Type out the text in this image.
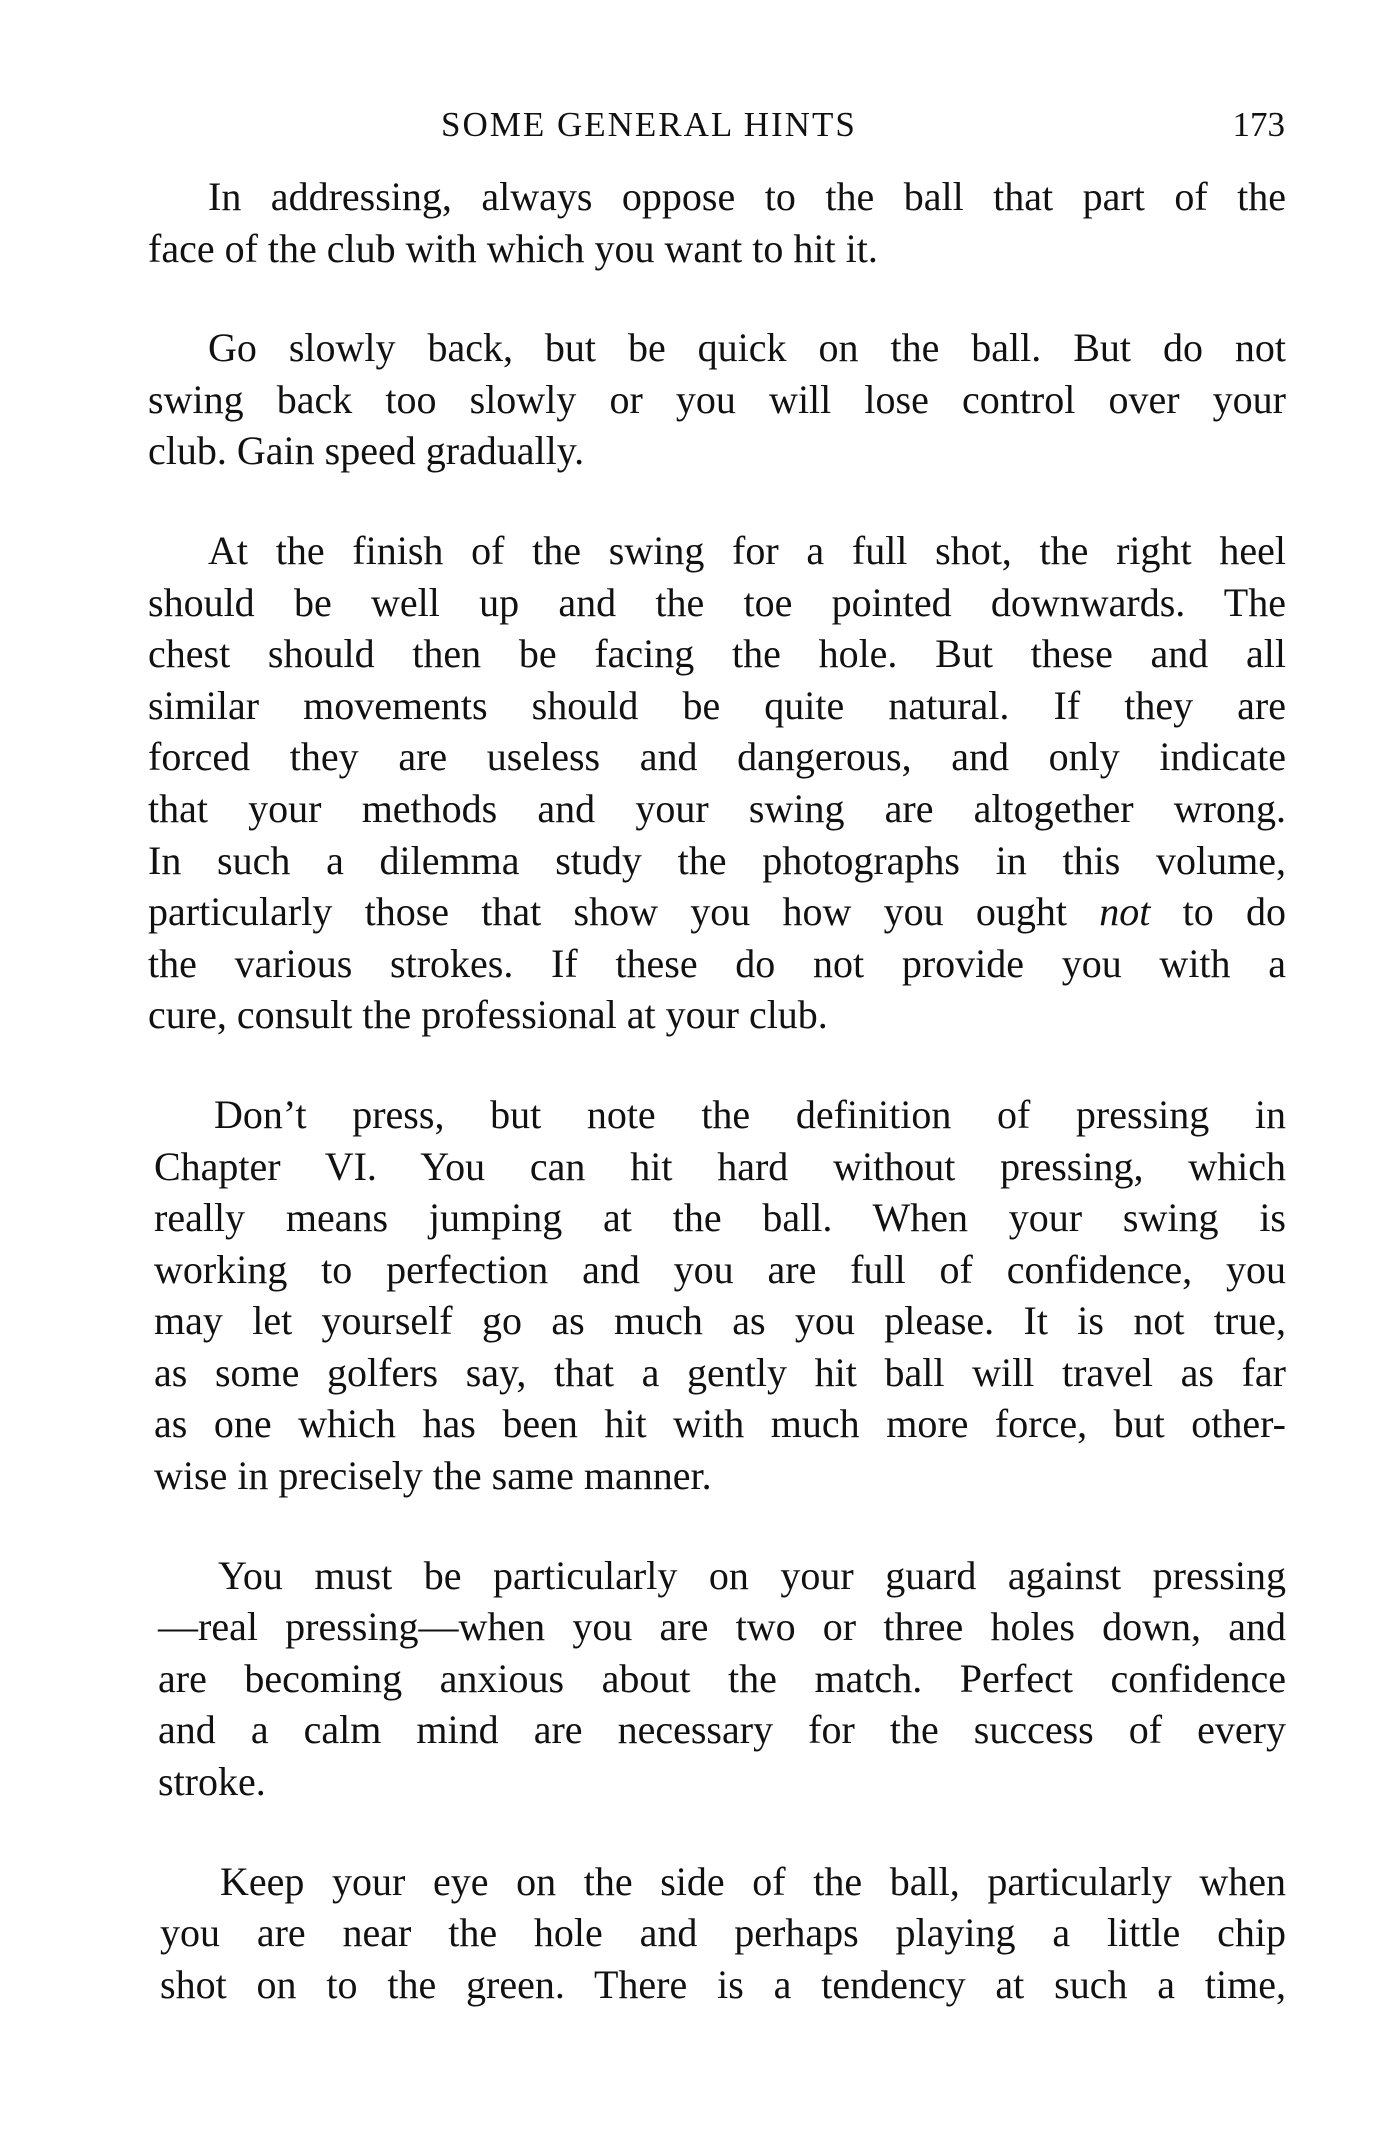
SOME GENERAL HINTS	173
In addressing, always oppose to the ball that part of the
face of the club with which you want to hit it.
Go slowly back, but be quick on the ball. But do not
swing back too slowly or you will lose control over your
club. Gain speed gradually.
At the finish of the swing for a full shot, the right heel
should be well up and the toe pointed downwards. The
chest should then be facing the hole. But these and all
similar movements should be quite natural. If they are
forced they are useless and dangerous, and only indicate
that your methods and your swing are altogether wrong.
In such a dilemma study the photographs in this volume,
particularly those that show you how you ought not to do
the various strokes. If these do not provide you with a
cure, consult the professional at your club.
Don’t press, but note the definition of pressing in
Chapter VI. You can hit hard without pressing, which
really means jumping at the ball. When your swing is
working to perfection and you are full of confidence, you
may let yourself go as much as you please. It is not true,
as some golfers say, that a gently hit ball will travel as far
as one which has been hit with much more force, but other-
wise in precisely the same manner.
You must be particularly on your guard against pressing
—real pressing—when you are two or three holes down, and
are becoming anxious about the match. Perfect confidence
and a calm mind are necessary for the success of every
stroke.
Keep your eye on the side of the ball, particularly when
you are near the hole and perhaps playing a little chip
shot on to the green. There is a tendency at such a time,
